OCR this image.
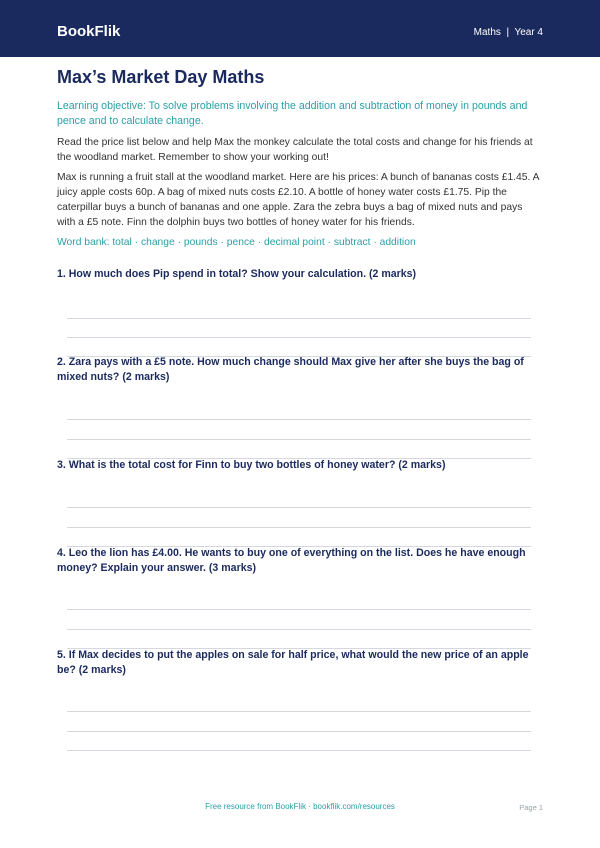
BookFlik	Maths | Year 4
Max’s Market Day Maths

Learning objective: To solve problems involving the addition and subtraction of money in pounds and pence and to calculate change.

Read the price list below and help Max the monkey calculate the total costs and change for his friends at the woodland market. Remember to show your working out!

Max is running a fruit stall at the woodland market. Here are his prices: A bunch of bananas costs £1.45. A juicy apple costs 60p. A bag of mixed nuts costs £2.10. A bottle of honey water costs £1.75. Pip the caterpillar buys a bunch of bananas and one apple. Zara the zebra buys a bag of mixed nuts and pays with a £5 note. Finn the dolphin buys two bottles of honey water for his friends.

Word bank: total · change · pounds · pence · decimal point · subtract · addition

1. How much does Pip spend in total? Show your calculation. (2 marks)

2. Zara pays with a £5 note. How much change should Max give her after she buys the bag of mixed nuts? (2 marks)

3. What is the total cost for Finn to buy two bottles of honey water? (2 marks)

4. Leo the lion has £4.00. He wants to buy one of everything on the list. Does he have enough money? Explain your answer. (3 marks)

5. If Max decides to put the apples on sale for half price, what would the new price of an apple be? (2 marks)

Free resource from BookFlik · bookflik.com/resources	Page 1
